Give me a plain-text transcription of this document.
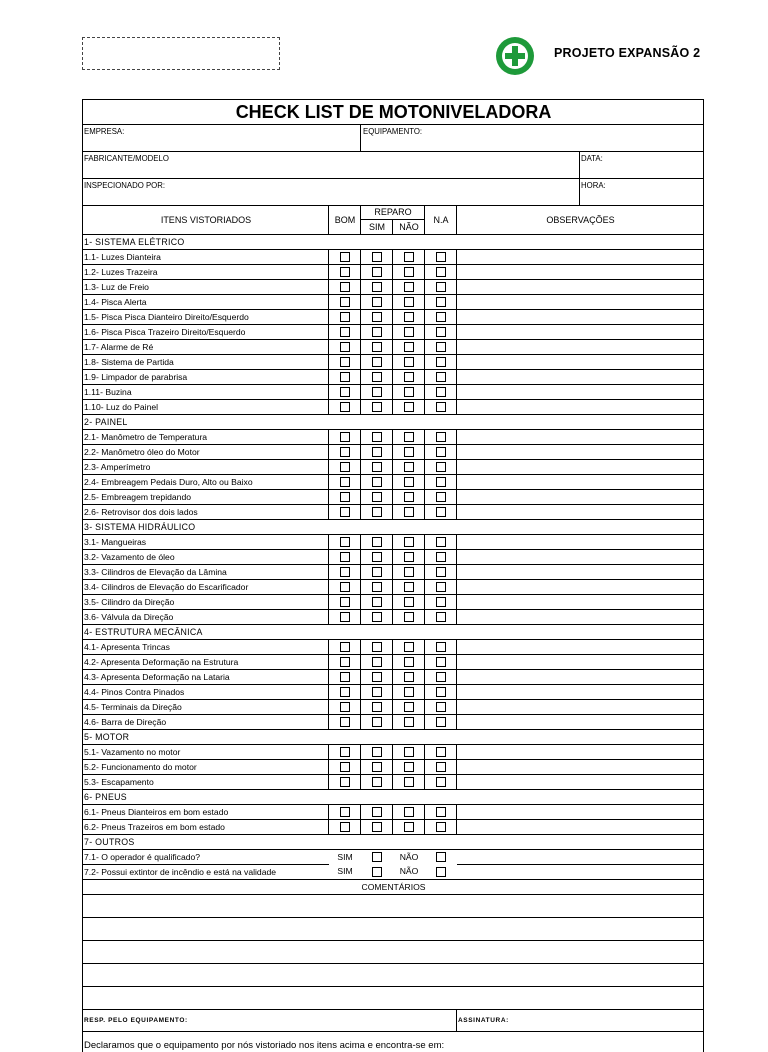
PROJETO EXPANSÃO 2
CHECK LIST DE MOTONIVELADORA						
EMPRESA:		EQUIPAMENTO:				
FABRICANTE/MODELO						DATA:
INSPECIONADO POR:						HORA:
ITENS VISTORIADOS	BOM	REPARO		N.A	OBSERVAÇÕES	
		SIM	NÃO			
1- SISTEMA ELÉTRICO						
1.1- Luzes Dianteira						
1.2- Luzes Trazeira						
1.3- Luz de Freio						
1.4- Pisca Alerta						
1.5- Pisca Pisca Dianteiro Direito/Esquerdo						
1.6- Pisca Pisca Trazeiro Direito/Esquerdo						
1.7- Alarme de Ré						
1.8- Sistema de Partida						
1.9- Limpador de parabrisa						
1.11- Buzina						
1.10- Luz do Painel						
2- PAINEL						
2.1- Manômetro de Temperatura						
2.2- Manômetro óleo do Motor						
2.3- Amperímetro						
2.4- Embreagem Pedais Duro, Alto ou Baixo						
2.5- Embreagem trepidando						
2.6- Retrovisor dos dois lados						
3- SISTEMA HIDRÁULICO						
3.1- Mangueiras						
3.2- Vazamento de óleo						
3.3- Cilindros de Elevação da Lâmina						
3.4- Cilindros de Elevação do Escarificador						
3.5- Cilindro da Direção						
3.6- Válvula da Direção						
4- ESTRUTURA MECÂNICA						
4.1- Apresenta Trincas						
4.2- Apresenta Deformação na Estrutura						
4.3- Apresenta Deformação na Lataria						
4.4- Pinos Contra Pinados						
4.5- Terminais da Direção						
4.6- Barra de Direção						
5- MOTOR						
5.1- Vazamento no motor						
5.2- Funcionamento do motor						
5.3- Escapamento						
6- PNEUS						
6.1- Pneus Dianteiros em bom estado						
6.2- Pneus Trazeiros em bom estado						
7- OUTROS						
7.1- O operador é qualificado?	SIM		NÃO			
7.2- Possui extintor de incêndio e está na validade	SIM		NÃO			
COMENTÁRIOS						

RESP. PELO EQUIPAMENTO:					ASSINATURA:	
Declaramos que o equipamento por nós vistoriado nos itens acima e encontra-se em:						
